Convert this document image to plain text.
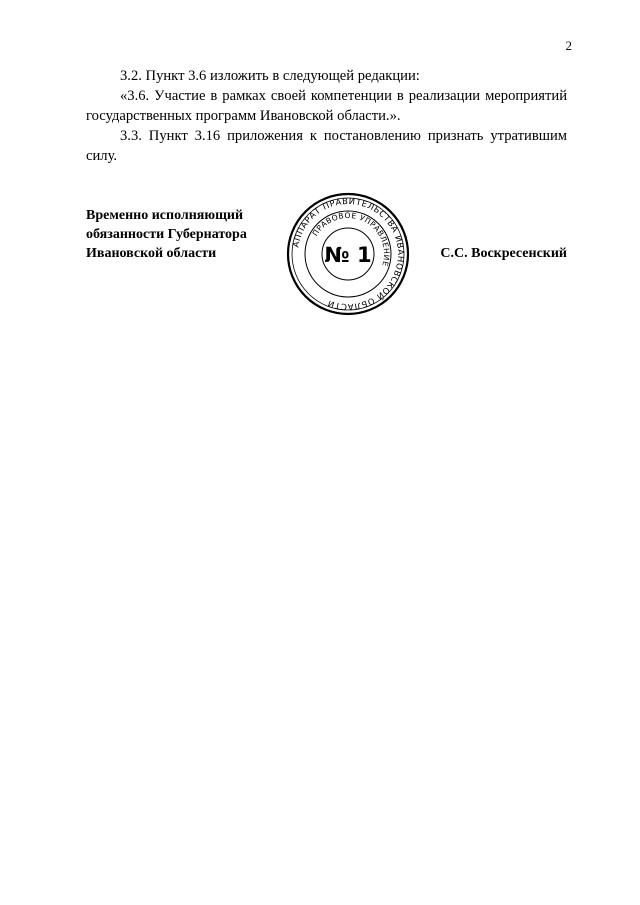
2

3.2. Пункт 3.6 изложить в следующей редакции:

«3.6. Участие в рамках своей компетенции в реализации мероприятий государственных программ Ивановской области.».

3.3. Пункт 3.16 приложения к постановлению признать утратившим силу.

Временно исполняющий
обязанности Губернатора
Ивановской области
АППАРАТ ПРАВИТЕЛЬСТВА ИВАНОВСКОЙ ОБЛАСТИ
ПРАВОВОЕ УПРАВЛЕНИЕ
№ 1	С.С. Воскресенский
